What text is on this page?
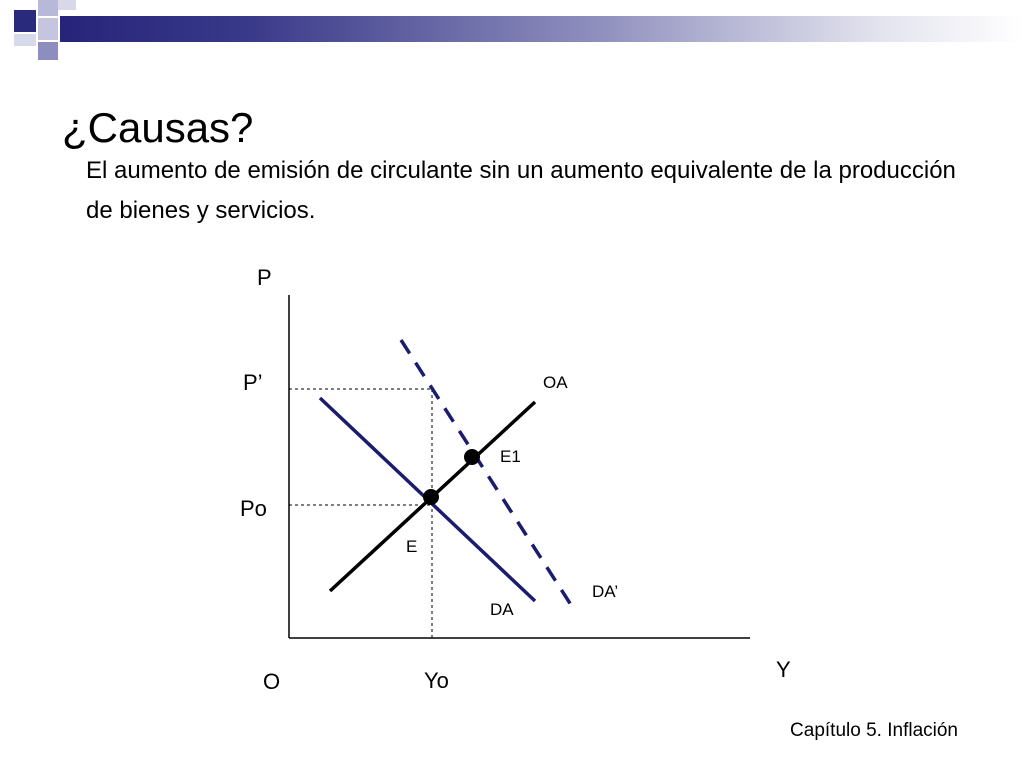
¿Causas?
El aumento de emisión de circulante sin un aumento equivalente de la producción de bienes y servicios.
P
Y
O
P’
Po
Yo
OA
DA
DA’
E
E1
Capítulo 5. Inflación
